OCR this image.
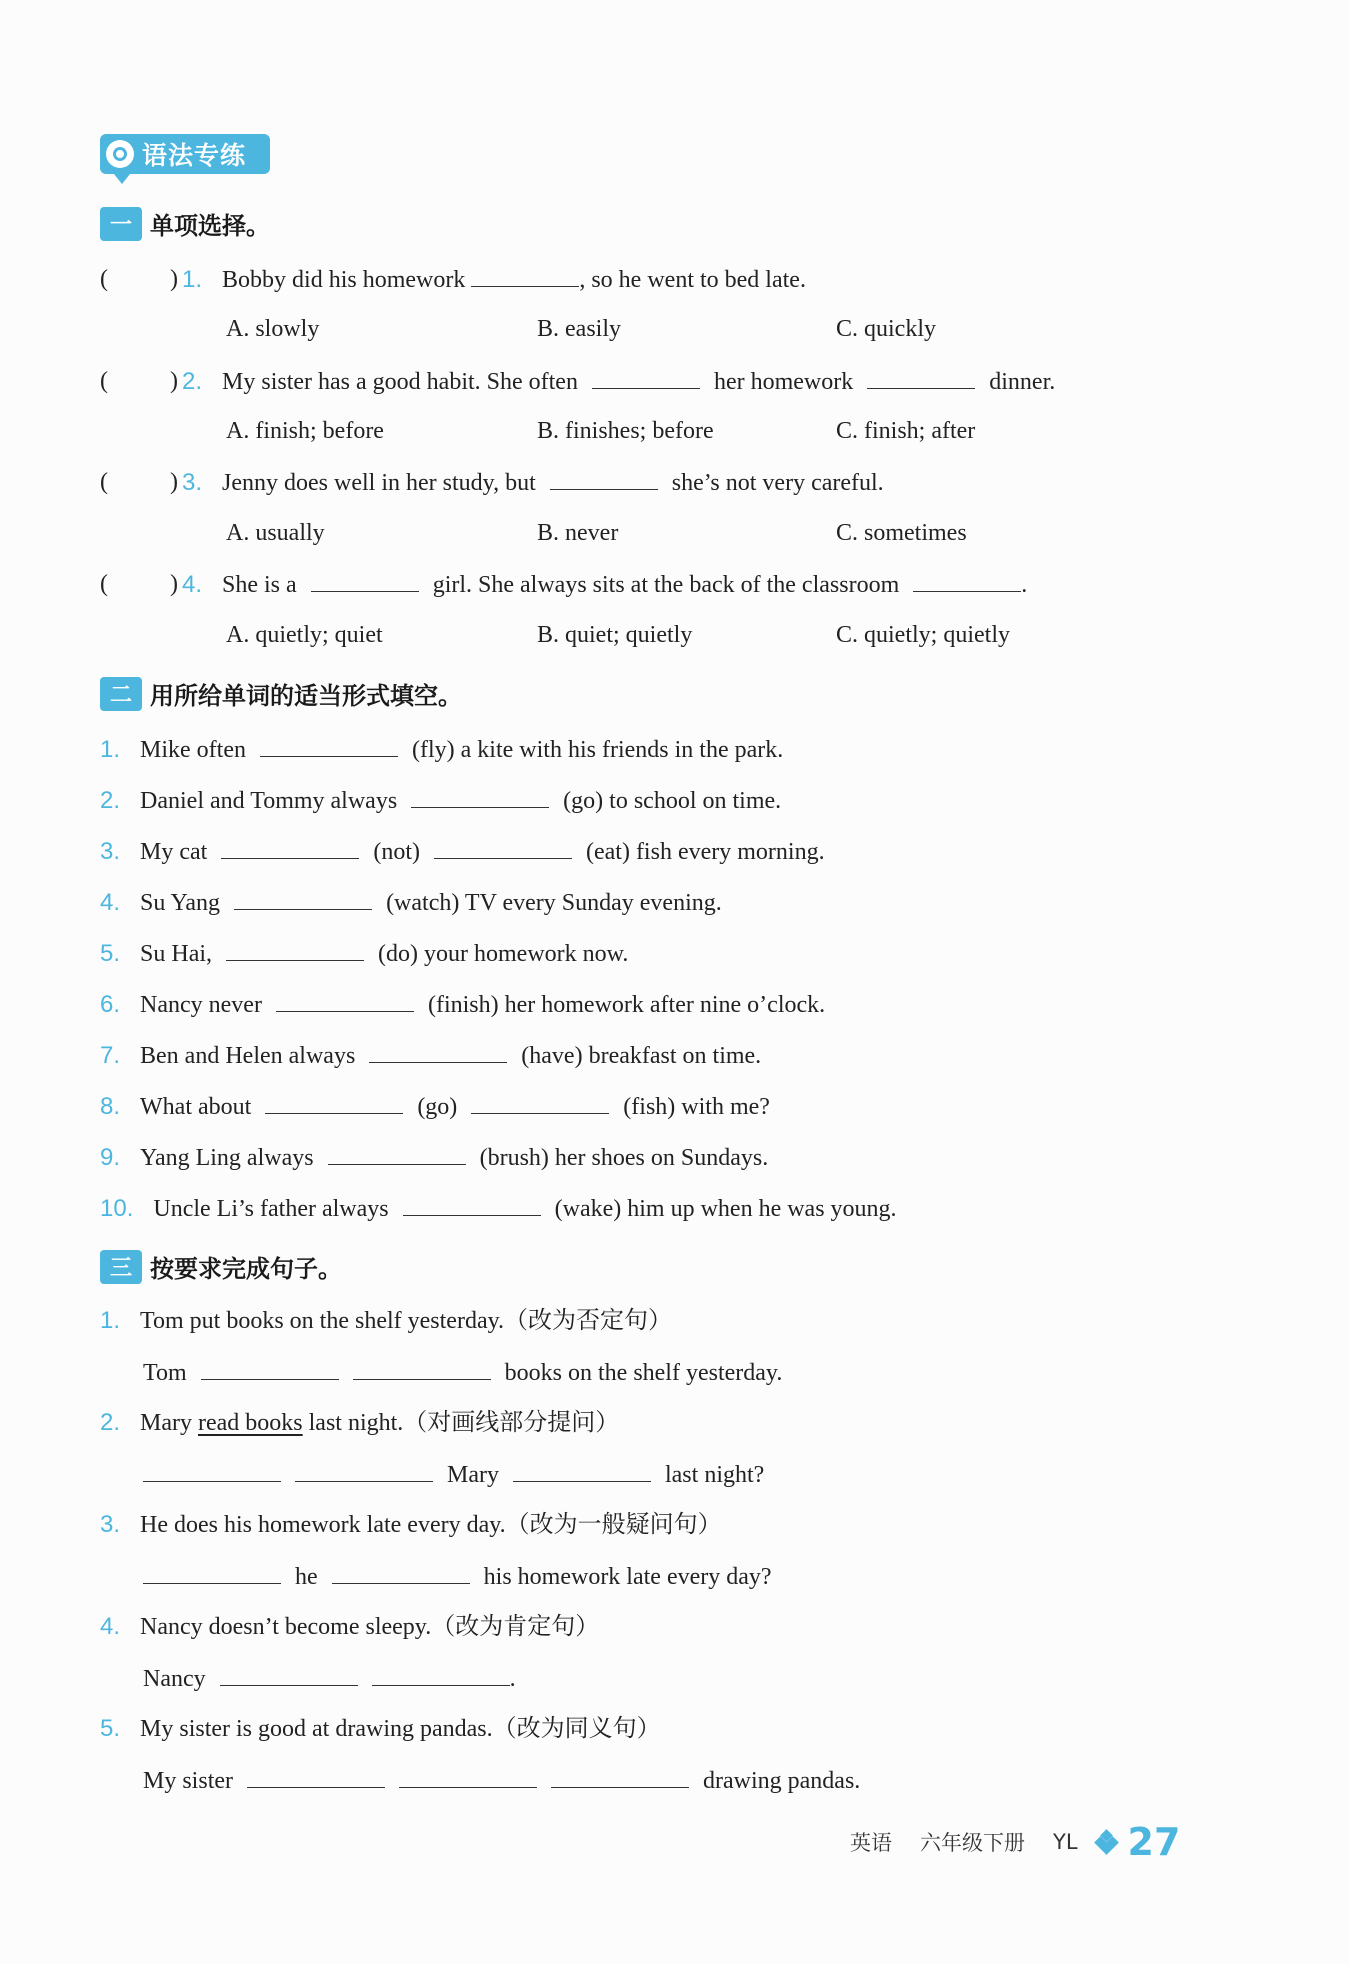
语法专练
一 单项选择。
(	) 1. Bobby did his homework	, so he went to bed late.
A. slowly	B. easily	C. quickly
(	) 2. My sister has a good habit. She often	her homework	dinner.
A. finish; before	B. finishes; before	C. finish; after
(	) 3. Jenny does well in her study, but	she’s not very careful.
A. usually	B. never	C. sometimes
(	) 4. She is a	girl. She always sits at the back of the classroom	.
A. quietly; quiet	B. quiet; quietly	C. quietly; quietly
二 用所给单词的适当形式填空。
1. Mike often	(fly) a kite with his friends in the park.
2. Daniel and Tommy always	(go) to school on time.
3. My cat	(not)	(eat) fish every morning.
4. Su Yang	(watch) TV every Sunday evening.
5. Su Hai,	(do) your homework now.
6. Nancy never	(finish) her homework after nine o’clock.
7. Ben and Helen always	(have) breakfast on time.
8. What about	(go)	(fish) with me?
9. Yang Ling always	(brush) her shoes on Sundays.
10. Uncle Li’s father always	(wake) him up when he was young.
三 按要求完成句子。
1. Tom put books on the shelf yesterday.（改为否定句）
Tom	books on the shelf yesterday.
2. Mary read books last night.（对画线部分提问）
Mary	last night?
3. He does his homework late every day.（改为一般疑问句）
he	his homework late every day?
4. Nancy doesn’t become sleepy.（改为肯定句）
Nancy	.
5. My sister is good at drawing pandas.（改为同义句）
My sister	drawing pandas.
英语 六年级下册 YL 27
